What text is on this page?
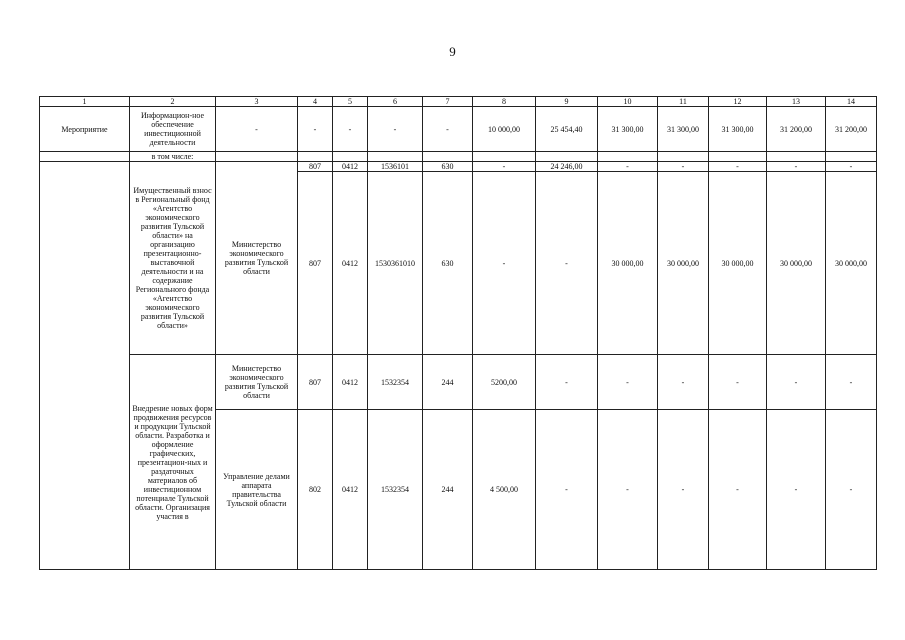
9
1	2	3	4	5	6	7	8	9	10	11	12	13	14
Мероприятие	Информацион-ное обеспечение инвестиционной деятельности	-	-	-	-	-	10 000,00	25 454,40	31 300,00	31 300,00	31 300,00	31 200,00	31 200,00
	в том числе:												
	Имущественный взнос в Региональный фонд «Агентство экономического развития Тульской области» на организацию презентационно-выставочной деятельности и на содержание Регионального фонда «Агентство экономического развития Тульской области»	Министерство экономического развития Тульской области	807	0412	1536101	630	-	24 246,00	-	-	-	-	-
			807	0412	1530361010	630	-	-	30 000,00	30 000,00	30 000,00	30 000,00	30 000,00
	Внедрение новых форм продвижения ресурсов и продукции Тульской области. Разработка и оформление графических, презентацион-ных и раздаточных материалов об инвестиционном потенциале Тульской области. Организация участия в	Министерство экономического развития Тульской области	807	0412	1532354	244	5200,00	-	-	-	-	-	-
		Управление делами аппарата правительства Тульской области	802	0412	1532354	244	4 500,00	-	-	-	-	-	-
